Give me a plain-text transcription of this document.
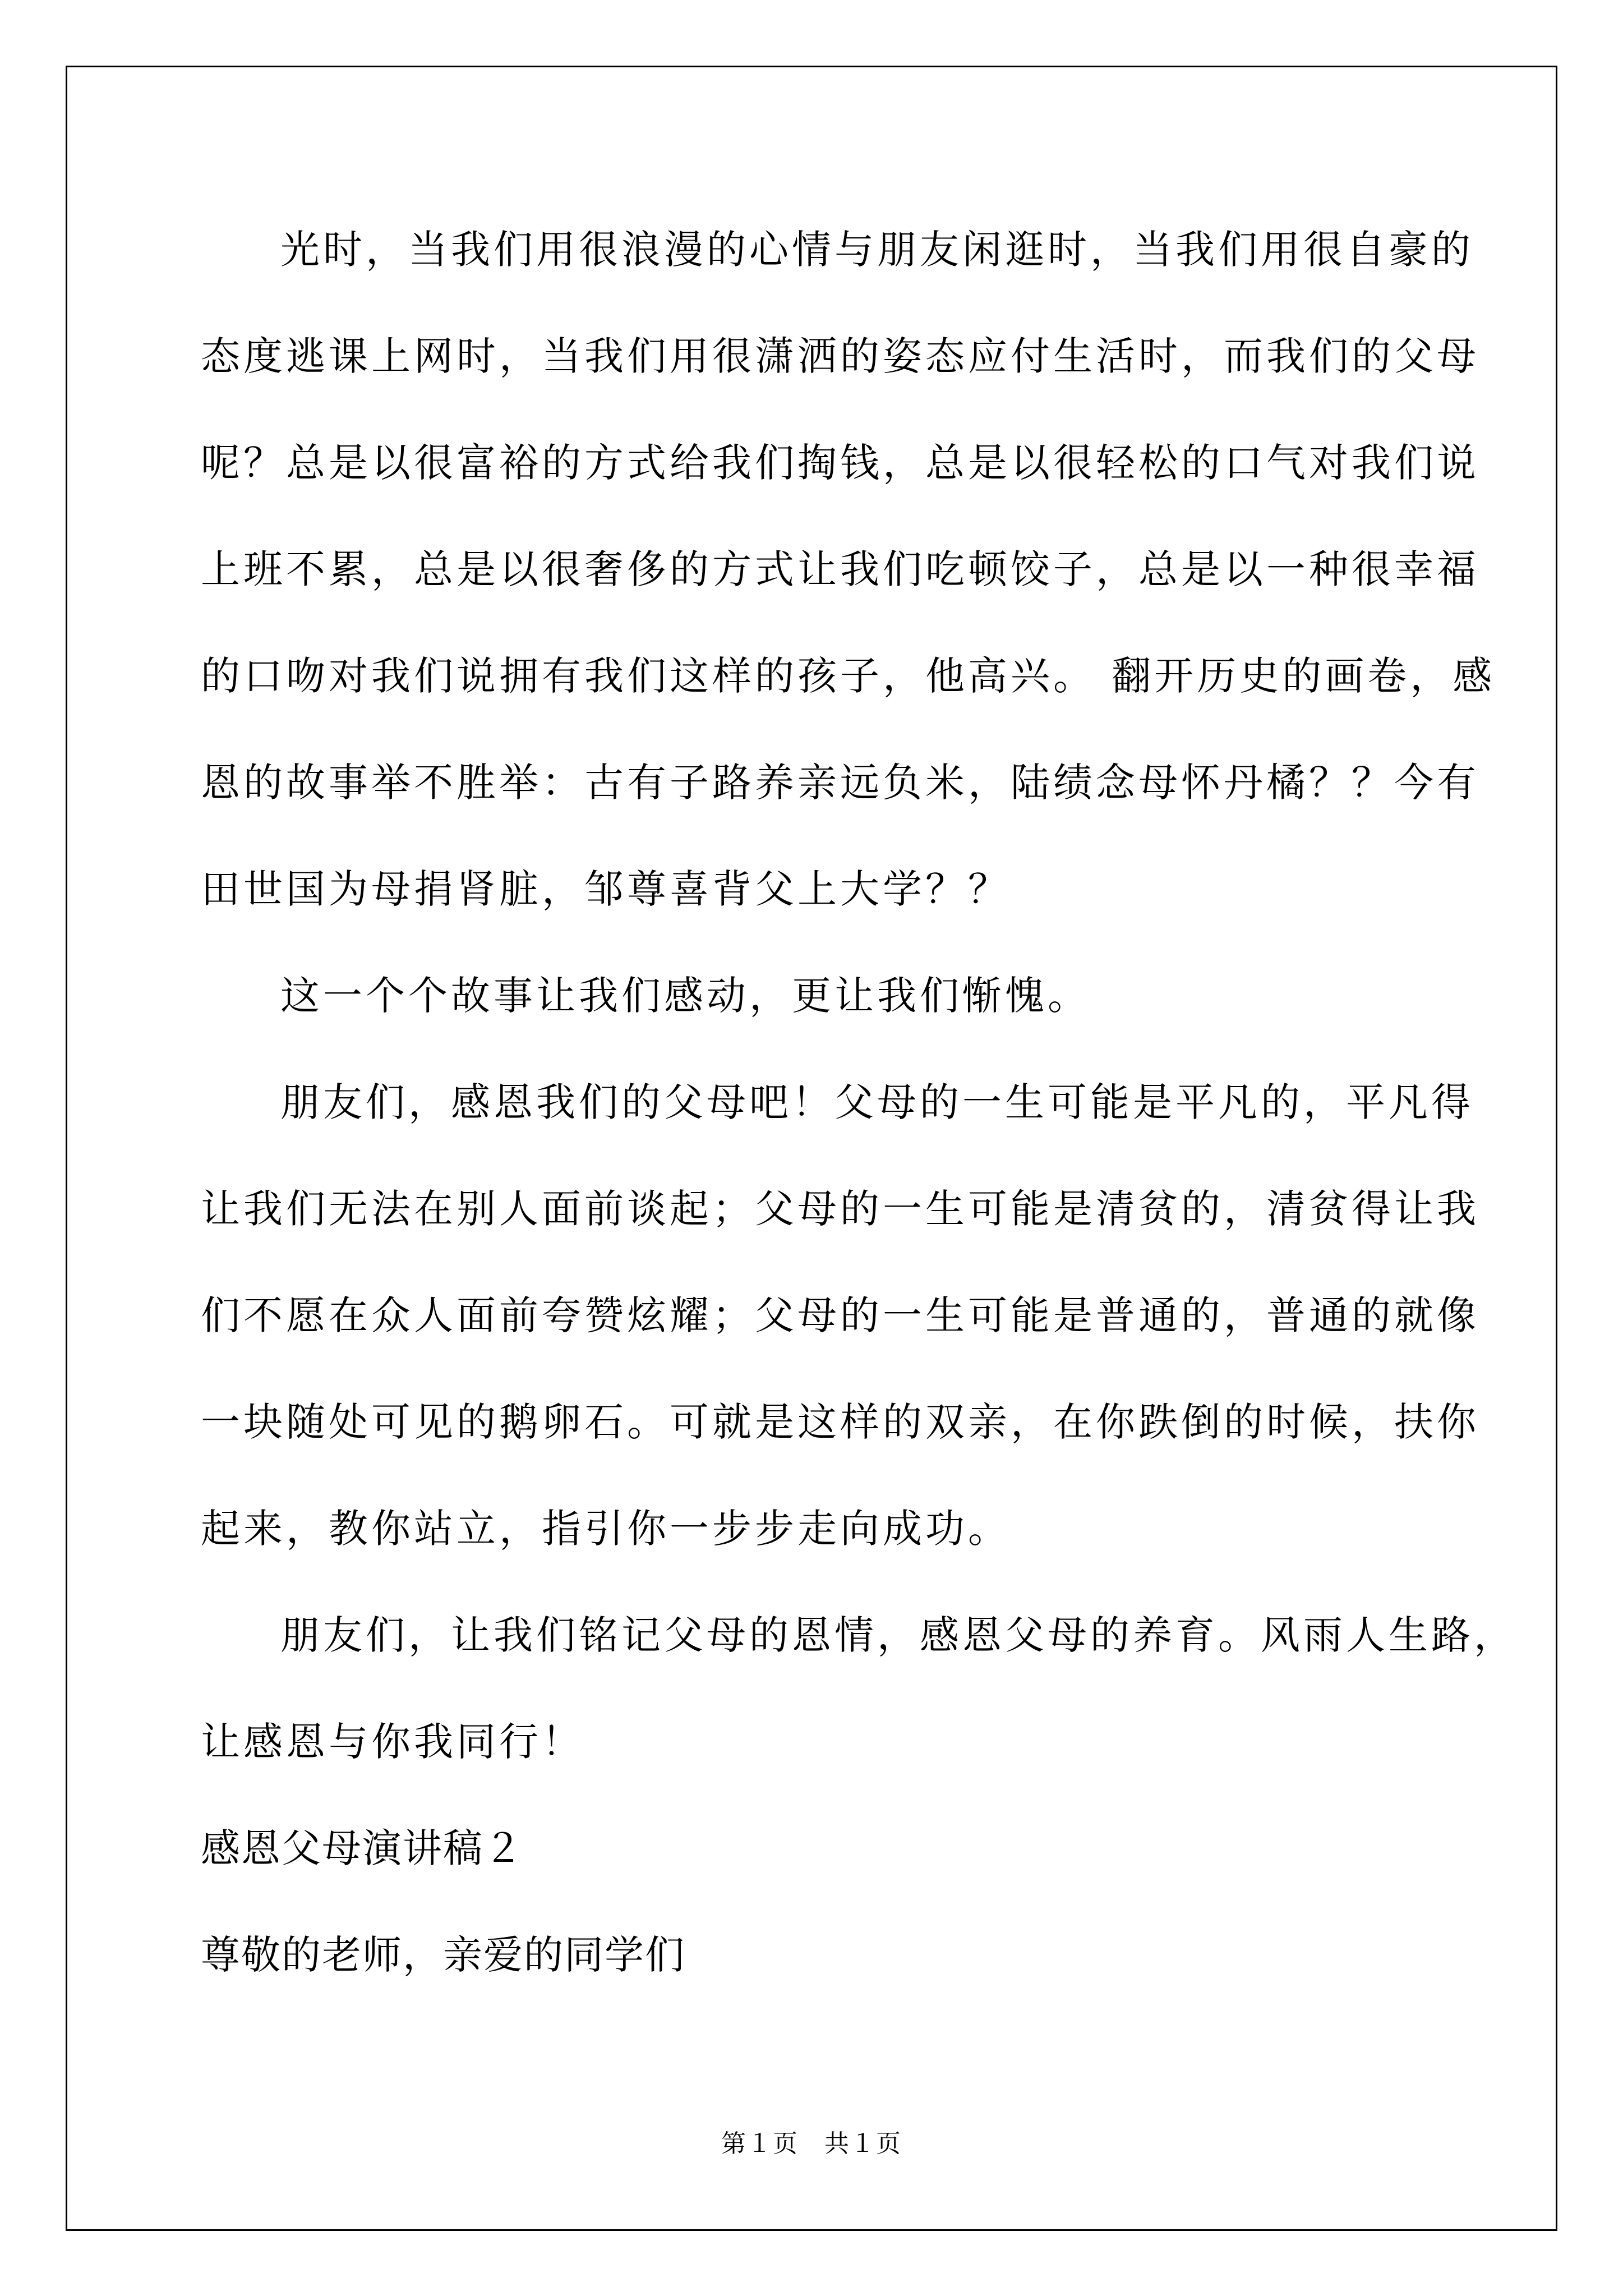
光时，当我们用很浪漫的心情与朋友闲逛时，当我们用很自豪的
态度逃课上网时，当我们用很潇洒的姿态应付生活时，而我们的父母
呢？总是以很富裕的方式给我们掏钱，总是以很轻松的口气对我们说
上班不累，总是以很奢侈的方式让我们吃顿饺子，总是以一种很幸福
的口吻对我们说拥有我们这样的孩子，他高兴。 翻开历史的画卷，感
恩的故事举不胜举：古有子路养亲远负米，陆绩念母怀丹橘？？今有
田世国为母捐肾脏，邹尊喜背父上大学？？
这一个个故事让我们感动，更让我们惭愧。
朋友们，感恩我们的父母吧！父母的一生可能是平凡的，平凡得
让我们无法在别人面前谈起；父母的一生可能是清贫的，清贫得让我
们不愿在众人面前夸赞炫耀；父母的一生可能是普通的，普通的就像
一块随处可见的鹅卵石。可就是这样的双亲，在你跌倒的时候，扶你
起来，教你站立，指引你一步步走向成功。
朋友们，让我们铭记父母的恩情，感恩父母的养育。风雨人生路，
让感恩与你我同行！
感恩父母演讲稿２
尊敬的老师，亲爱的同学们
第１页　共１页
